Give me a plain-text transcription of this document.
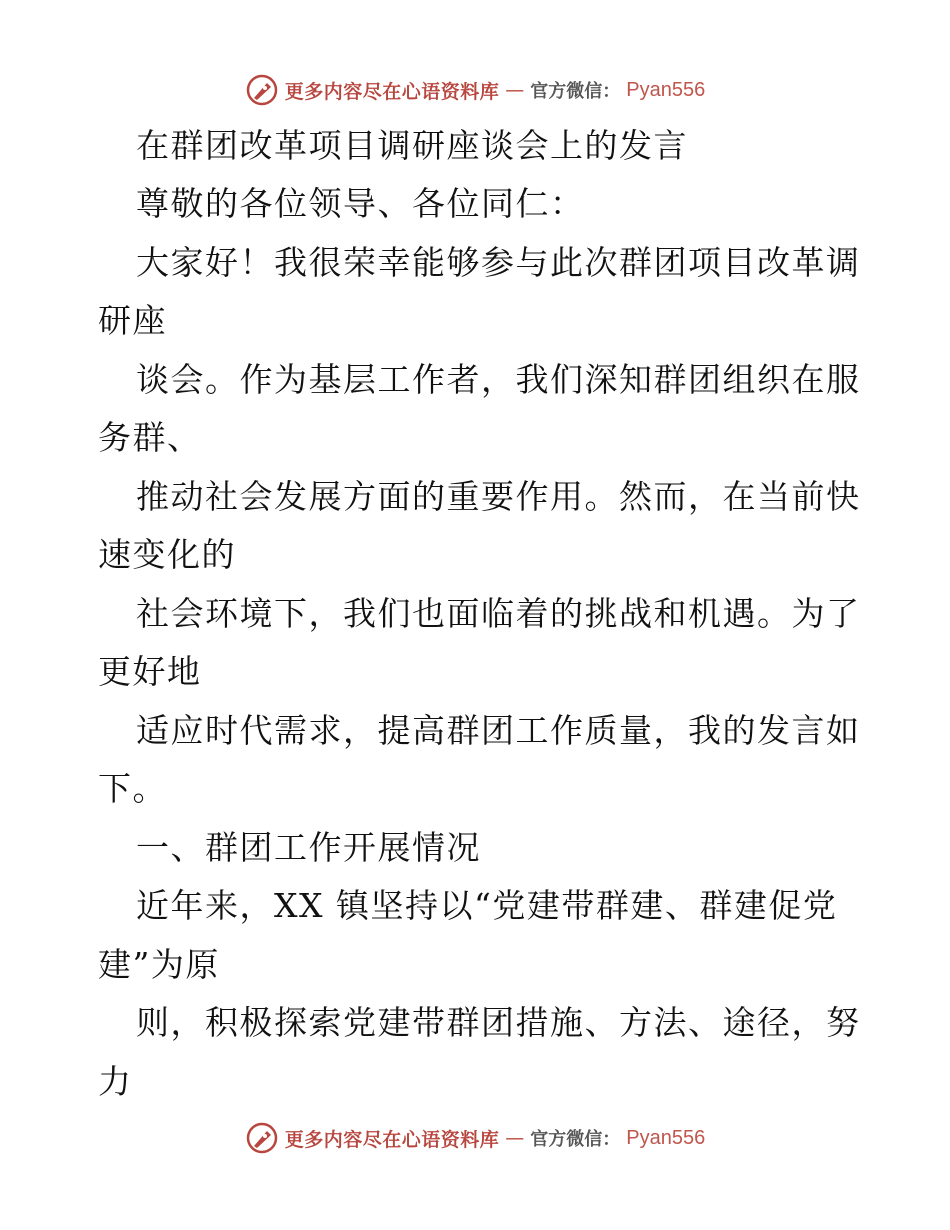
更多内容尽在心语资料库 — 官方微信： Pyan556
在群团改革项目调研座谈会上的发言
尊敬的各位领导、各位同仁：
大家好！我很荣幸能够参与此次群团项目改革调
研座
谈会。作为基层工作者，我们深知群团组织在服
务群、
推动社会发展方面的重要作用。然而，在当前快
速变化的
社会环境下，我们也面临着的挑战和机遇。为了
更好地
适应时代需求，提高群团工作质量，我的发言如
下。
一、群团工作开展情况
近年来，XX 镇坚持以“党建带群建、群建促党
建”为原
则，积极探索党建带群团措施、方法、途径，努
力
更多内容尽在心语资料库 — 官方微信： Pyan556
